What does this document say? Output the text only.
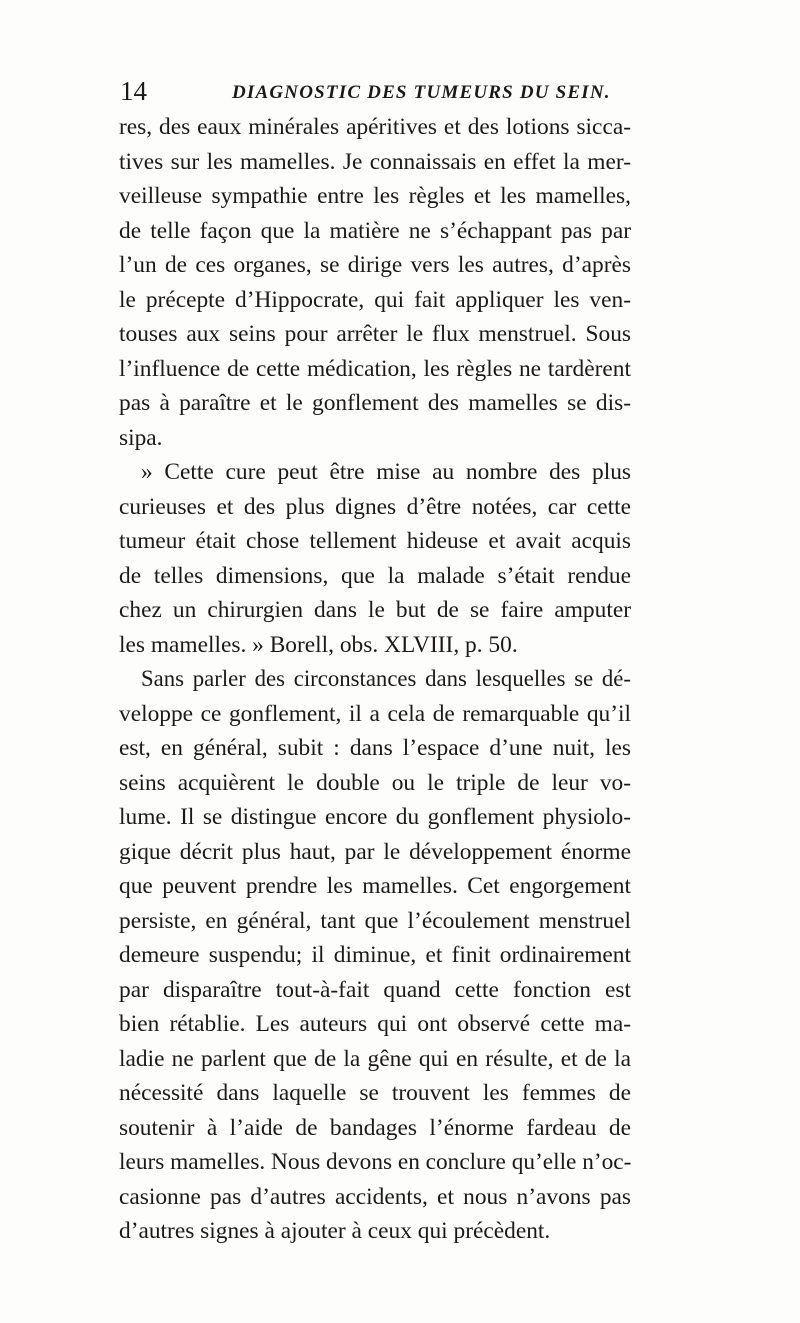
14	DIAGNOSTIC DES TUMEURS DU SEIN.
res, des eaux minérales apéritives et des lotions sicca-
tives sur les mamelles. Je connaissais en effet la mer-
veilleuse sympathie entre les règles et les mamelles,
de telle façon que la matière ne s’échappant pas par
l’un de ces organes, se dirige vers les autres, d’après
le précepte d’Hippocrate, qui fait appliquer les ven-
touses aux seins pour arrêter le flux menstruel. Sous
l’influence de cette médication, les règles ne tardèrent
pas à paraître et le gonflement des mamelles se dis-
sipa.
» Cette cure peut être mise au nombre des plus
curieuses et des plus dignes d’être notées, car cette
tumeur était chose tellement hideuse et avait acquis
de telles dimensions, que la malade s’était rendue
chez un chirurgien dans le but de se faire amputer
les mamelles. » Borell, obs. XLVIII, p. 50.
Sans parler des circonstances dans lesquelles se dé-
veloppe ce gonflement, il a cela de remarquable qu’il
est, en général, subit : dans l’espace d’une nuit, les
seins acquièrent le double ou le triple de leur vo-
lume. Il se distingue encore du gonflement physiolo-
gique décrit plus haut, par le développement énorme
que peuvent prendre les mamelles. Cet engorgement
persiste, en général, tant que l’écoulement menstruel
demeure suspendu; il diminue, et finit ordinairement
par disparaître tout-à-fait quand cette fonction est
bien rétablie. Les auteurs qui ont observé cette ma-
ladie ne parlent que de la gêne qui en résulte, et de la
nécessité dans laquelle se trouvent les femmes de
soutenir à l’aide de bandages l’énorme fardeau de
leurs mamelles. Nous devons en conclure qu’elle n’oc-
casionne pas d’autres accidents, et nous n’avons pas
d’autres signes à ajouter à ceux qui précèdent.
